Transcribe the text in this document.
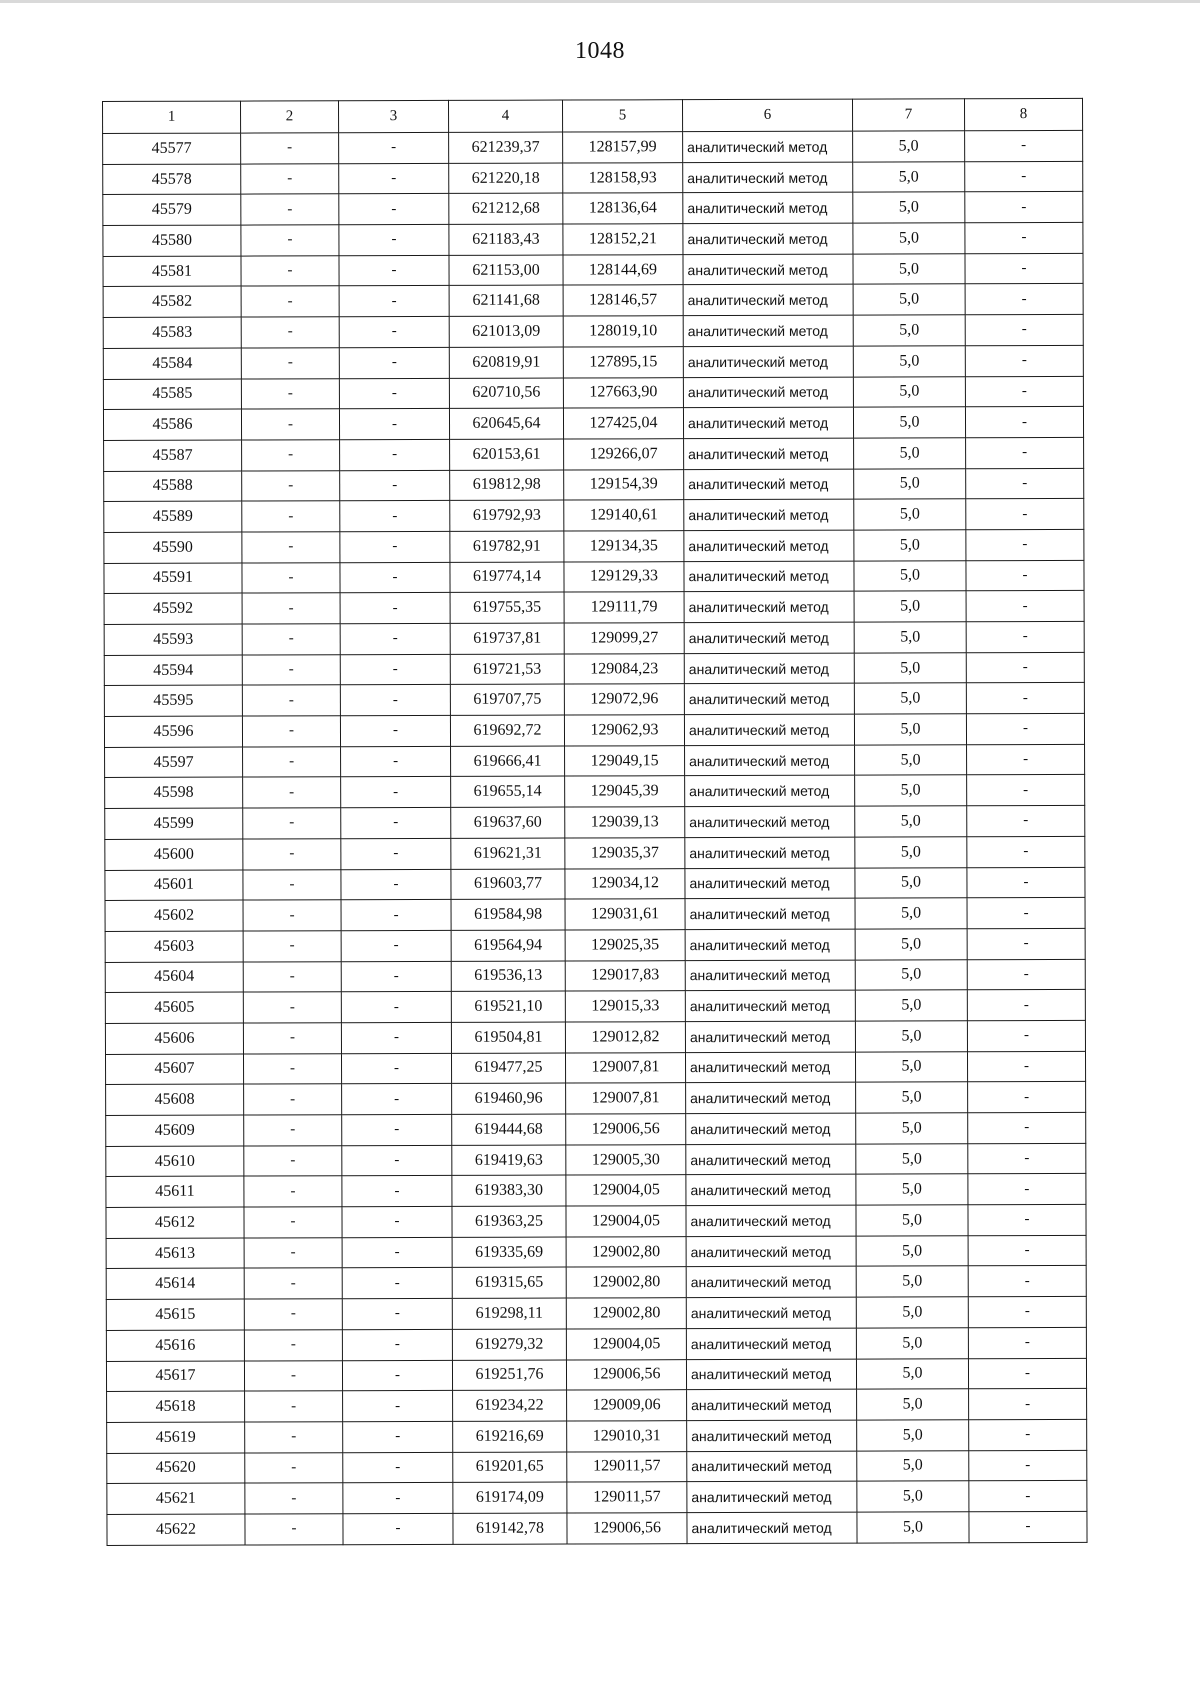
1048
1	2	3	4	5	6	7	8
45577	-	-	621239,37	128157,99	аналитический метод	5,0	-
45578	-	-	621220,18	128158,93	аналитический метод	5,0	-
45579	-	-	621212,68	128136,64	аналитический метод	5,0	-
45580	-	-	621183,43	128152,21	аналитический метод	5,0	-
45581	-	-	621153,00	128144,69	аналитический метод	5,0	-
45582	-	-	621141,68	128146,57	аналитический метод	5,0	-
45583	-	-	621013,09	128019,10	аналитический метод	5,0	-
45584	-	-	620819,91	127895,15	аналитический метод	5,0	-
45585	-	-	620710,56	127663,90	аналитический метод	5,0	-
45586	-	-	620645,64	127425,04	аналитический метод	5,0	-
45587	-	-	620153,61	129266,07	аналитический метод	5,0	-
45588	-	-	619812,98	129154,39	аналитический метод	5,0	-
45589	-	-	619792,93	129140,61	аналитический метод	5,0	-
45590	-	-	619782,91	129134,35	аналитический метод	5,0	-
45591	-	-	619774,14	129129,33	аналитический метод	5,0	-
45592	-	-	619755,35	129111,79	аналитический метод	5,0	-
45593	-	-	619737,81	129099,27	аналитический метод	5,0	-
45594	-	-	619721,53	129084,23	аналитический метод	5,0	-
45595	-	-	619707,75	129072,96	аналитический метод	5,0	-
45596	-	-	619692,72	129062,93	аналитический метод	5,0	-
45597	-	-	619666,41	129049,15	аналитический метод	5,0	-
45598	-	-	619655,14	129045,39	аналитический метод	5,0	-
45599	-	-	619637,60	129039,13	аналитический метод	5,0	-
45600	-	-	619621,31	129035,37	аналитический метод	5,0	-
45601	-	-	619603,77	129034,12	аналитический метод	5,0	-
45602	-	-	619584,98	129031,61	аналитический метод	5,0	-
45603	-	-	619564,94	129025,35	аналитический метод	5,0	-
45604	-	-	619536,13	129017,83	аналитический метод	5,0	-
45605	-	-	619521,10	129015,33	аналитический метод	5,0	-
45606	-	-	619504,81	129012,82	аналитический метод	5,0	-
45607	-	-	619477,25	129007,81	аналитический метод	5,0	-
45608	-	-	619460,96	129007,81	аналитический метод	5,0	-
45609	-	-	619444,68	129006,56	аналитический метод	5,0	-
45610	-	-	619419,63	129005,30	аналитический метод	5,0	-
45611	-	-	619383,30	129004,05	аналитический метод	5,0	-
45612	-	-	619363,25	129004,05	аналитический метод	5,0	-
45613	-	-	619335,69	129002,80	аналитический метод	5,0	-
45614	-	-	619315,65	129002,80	аналитический метод	5,0	-
45615	-	-	619298,11	129002,80	аналитический метод	5,0	-
45616	-	-	619279,32	129004,05	аналитический метод	5,0	-
45617	-	-	619251,76	129006,56	аналитический метод	5,0	-
45618	-	-	619234,22	129009,06	аналитический метод	5,0	-
45619	-	-	619216,69	129010,31	аналитический метод	5,0	-
45620	-	-	619201,65	129011,57	аналитический метод	5,0	-
45621	-	-	619174,09	129011,57	аналитический метод	5,0	-
45622	-	-	619142,78	129006,56	аналитический метод	5,0	-
